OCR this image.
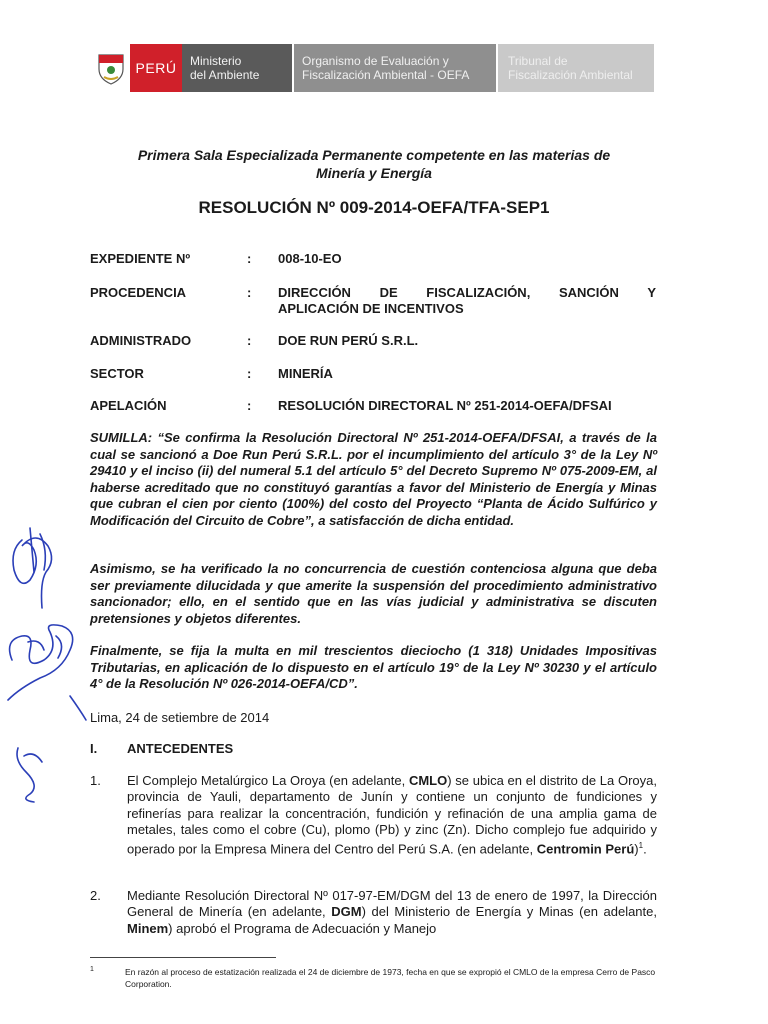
PERÚ	Ministerio
del Ambiente
Organismo de Evaluación y
Fiscalización Ambiental - OEFA
Tribunal de
Fiscalización Ambiental
Primera Sala Especializada Permanente competente en las materias de
Minería y Energía
RESOLUCIÓN Nº 009-2014-OEFA/TFA-SEP1
EXPEDIENTE Nº	: 008-10-EO
PROCEDENCIA	: DIRECCIÓN DE FISCALIZACIÓN, SANCIÓN Y
APLICACIÓN DE INCENTIVOS
ADMINISTRADO	: DOE RUN PERÚ S.R.L.
SECTOR	: MINERÍA
APELACIÓN	: RESOLUCIÓN DIRECTORAL Nº 251-2014-OEFA/DFSAI
SUMILLA: “Se confirma la Resolución Directoral Nº 251-2014-OEFA/DFSAI, a través de la cual se sancionó a Doe Run Perú S.R.L. por el incumplimiento del artículo 3° de la Ley Nº 29410 y el inciso (ii) del numeral 5.1 del artículo 5° del Decreto Supremo Nº 075-2009-EM, al haberse acreditado que no constituyó garantías a favor del Ministerio de Energía y Minas que cubran el cien por ciento (100%) del costo del Proyecto “Planta de Ácido Sulfúrico y Modificación del Circuito de Cobre”, a satisfacción de dicha entidad.
Asimismo, se ha verificado la no concurrencia de cuestión contenciosa alguna que deba ser previamente dilucidada y que amerite la suspensión del procedimiento administrativo sancionador; ello, en el sentido que en las vías judicial y administrativa se discuten pretensiones y objetos diferentes.
Finalmente, se fija la multa en mil trescientos dieciocho (1 318) Unidades Impositivas Tributarias, en aplicación de lo dispuesto en el artículo 19° de la Ley Nº 30230 y el artículo 4° de la Resolución Nº 026-2014-OEFA/CD”.
Lima, 24 de setiembre de 2014
I. ANTECEDENTES
1. El Complejo Metalúrgico La Oroya (en adelante, CMLO) se ubica en el distrito de La Oroya, provincia de Yauli, departamento de Junín y contiene un conjunto de fundiciones y refinerías para realizar la concentración, fundición y refinación de una amplia gama de metales, tales como el cobre (Cu), plomo (Pb) y zinc (Zn). Dicho complejo fue adquirido y operado por la Empresa Minera del Centro del Perú S.A. (en adelante, Centromin Perú)$^1$.
2. Mediante Resolución Directoral Nº 017-97-EM/DGM del 13 de enero de 1997, la Dirección General de Minería (en adelante, DGM) del Ministerio de Energía y Minas (en adelante, Minem) aprobó el Programa de Adecuación y Manejo
1	En razón al proceso de estatización realizada el 24 de diciembre de 1973, fecha en que se expropió el CMLO de la empresa Cerro de Pasco Corporation.
